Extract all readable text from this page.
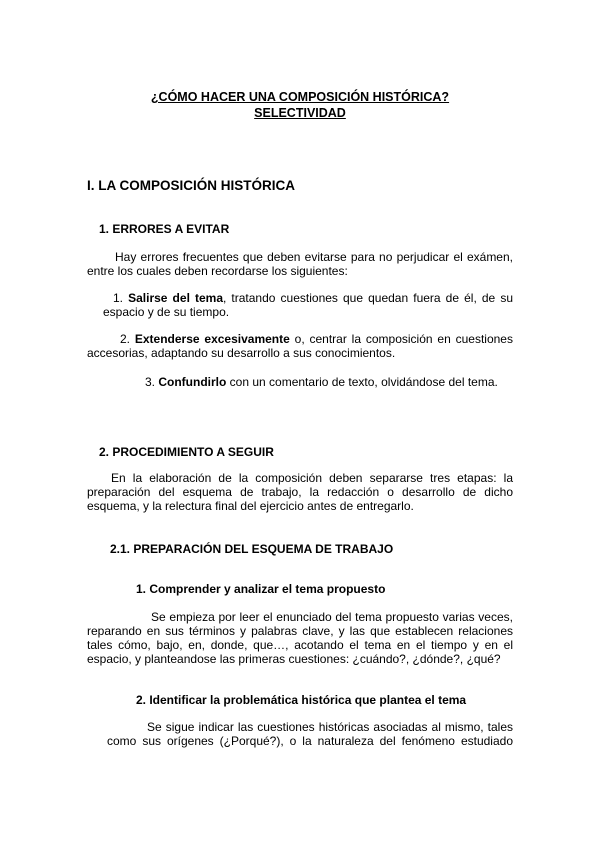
¿CÓMO HACER UNA COMPOSICIÓN HISTÓRICA?
SELECTIVIDAD
I. LA COMPOSICIÓN HISTÓRICA
1. ERRORES A EVITAR
Hay errores frecuentes que deben evitarse para no perjudicar el exámen,
entre los cuales deben recordarse los siguientes:
1. Salirse del tema, tratando cuestiones que quedan fuera de él, de su
espacio y de su tiempo.
2. Extenderse excesivamente o, centrar la composición en cuestiones
accesorias, adaptando su desarrollo a sus conocimientos.
3. Confundirlo con un comentario de texto, olvidándose del tema.
2. PROCEDIMIENTO A SEGUIR
En la elaboración de la composición deben separarse tres etapas: la
preparación del esquema de trabajo, la redacción o desarrollo de dicho
esquema, y la relectura final del ejercicio antes de entregarlo.
2.1. PREPARACIÓN DEL ESQUEMA DE TRABAJO
1. Comprender y analizar el tema propuesto
Se empieza por leer el enunciado del tema propuesto varias veces,
reparando en sus términos y palabras clave, y las que establecen relaciones
tales cómo, bajo, en, donde, que…, acotando el tema en el tiempo y en el
espacio, y planteandose las primeras cuestiones: ¿cuándo?, ¿dónde?, ¿qué?
2. Identificar la problemática histórica que plantea el tema
Se sigue indicar las cuestiones históricas asociadas al mismo, tales
como sus orígenes (¿Porqué?), o la naturaleza del fenómeno estudiado
